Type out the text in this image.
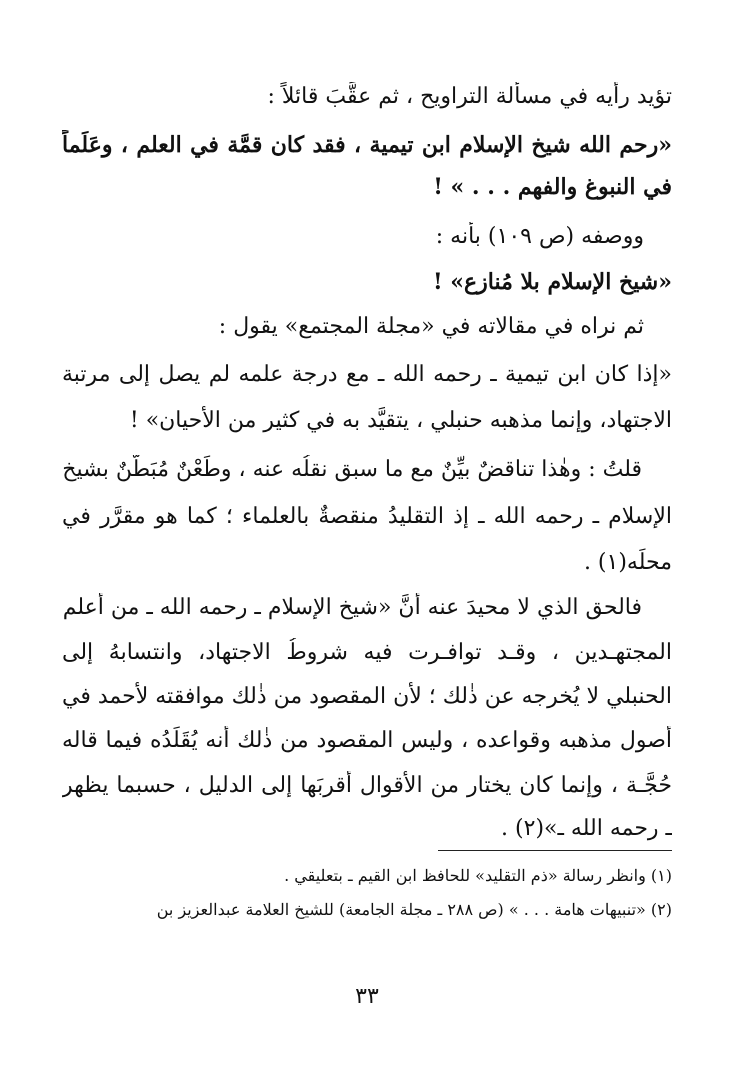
تؤيد رأيه في مسألة التراويح ، ثم عقَّبَ قائلاً :
«رحم الله شيخ الإسلام ابن تيمية ، فقد كان قمَّة في العلم ، وعَلَماً
في النبوغ والفهم . . . » !
ووصفه (ص ١٠٩) بأنه :
«شيخ الإسلام بلا مُنازع» !
ثم نراه في مقالاته في «مجلة المجتمع» يقول :
«إذا كان ابن تيمية ـ رحمه الله ـ مع درجة علمه لم يصل إلى مرتبة
الاجتهاد، وإنما مذهبه حنبلي ، يتقيَّد به في كثير من الأحيان» !
قلتُ : وهٰذا تناقضٌ بيِّنٌ مع ما سبق نقلُه عنه ، وطَعْنٌ مُبَطَّنٌ بشيخ
الإسلام ـ رحمه الله ـ إذ التقليدُ منقصةٌ بالعلماء ؛ كما هو مقرَّر في
محلِّه(١) .
فالحق الذي لا محيدَ عنه أنَّ «شيخ الإسلام ـ رحمه الله ـ من أعلم
المجتهـدين ، وقـد توافـرت فيه شروطُ الاجتهاد، وانتسابهُ إلى
الحنبلي لا يُخرجه عن ذٰلك ؛ لأن المقصود من ذٰلك موافقته لأحمد في
أصول مذهبه وقواعده ، وليس المقصود من ذٰلك أنه يُقَلِّدُه فيما قاله
حُجَّـة ، وإنما كان يختار من الأقوال أقربَها إلى الدليل ، حسبما يظهر
ـ رحمه الله ـ»(٢) .
(١) وانظر رسالة «ذم التقليد» للحافظ ابن القيم ـ بتعليقي .
(٢) «تنبيهات هامة . . . » (ص ٢٨٨ ـ مجلة الجامعة) للشيخ العلامة عبدالعزيز بن
٣٣
